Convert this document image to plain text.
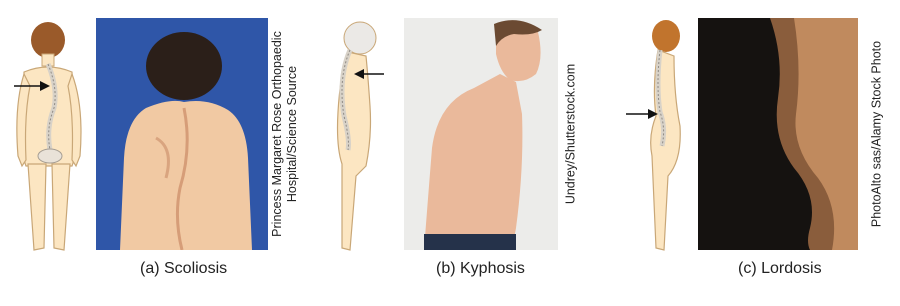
Princess Margaret Rose Orthopaedic Hospital/Science Source
(a) Scoliosis
Undrey/Shutterstock.com
(b) Kyphosis
PhotoAlto sas/Alamy Stock Photo
(c) Lordosis
